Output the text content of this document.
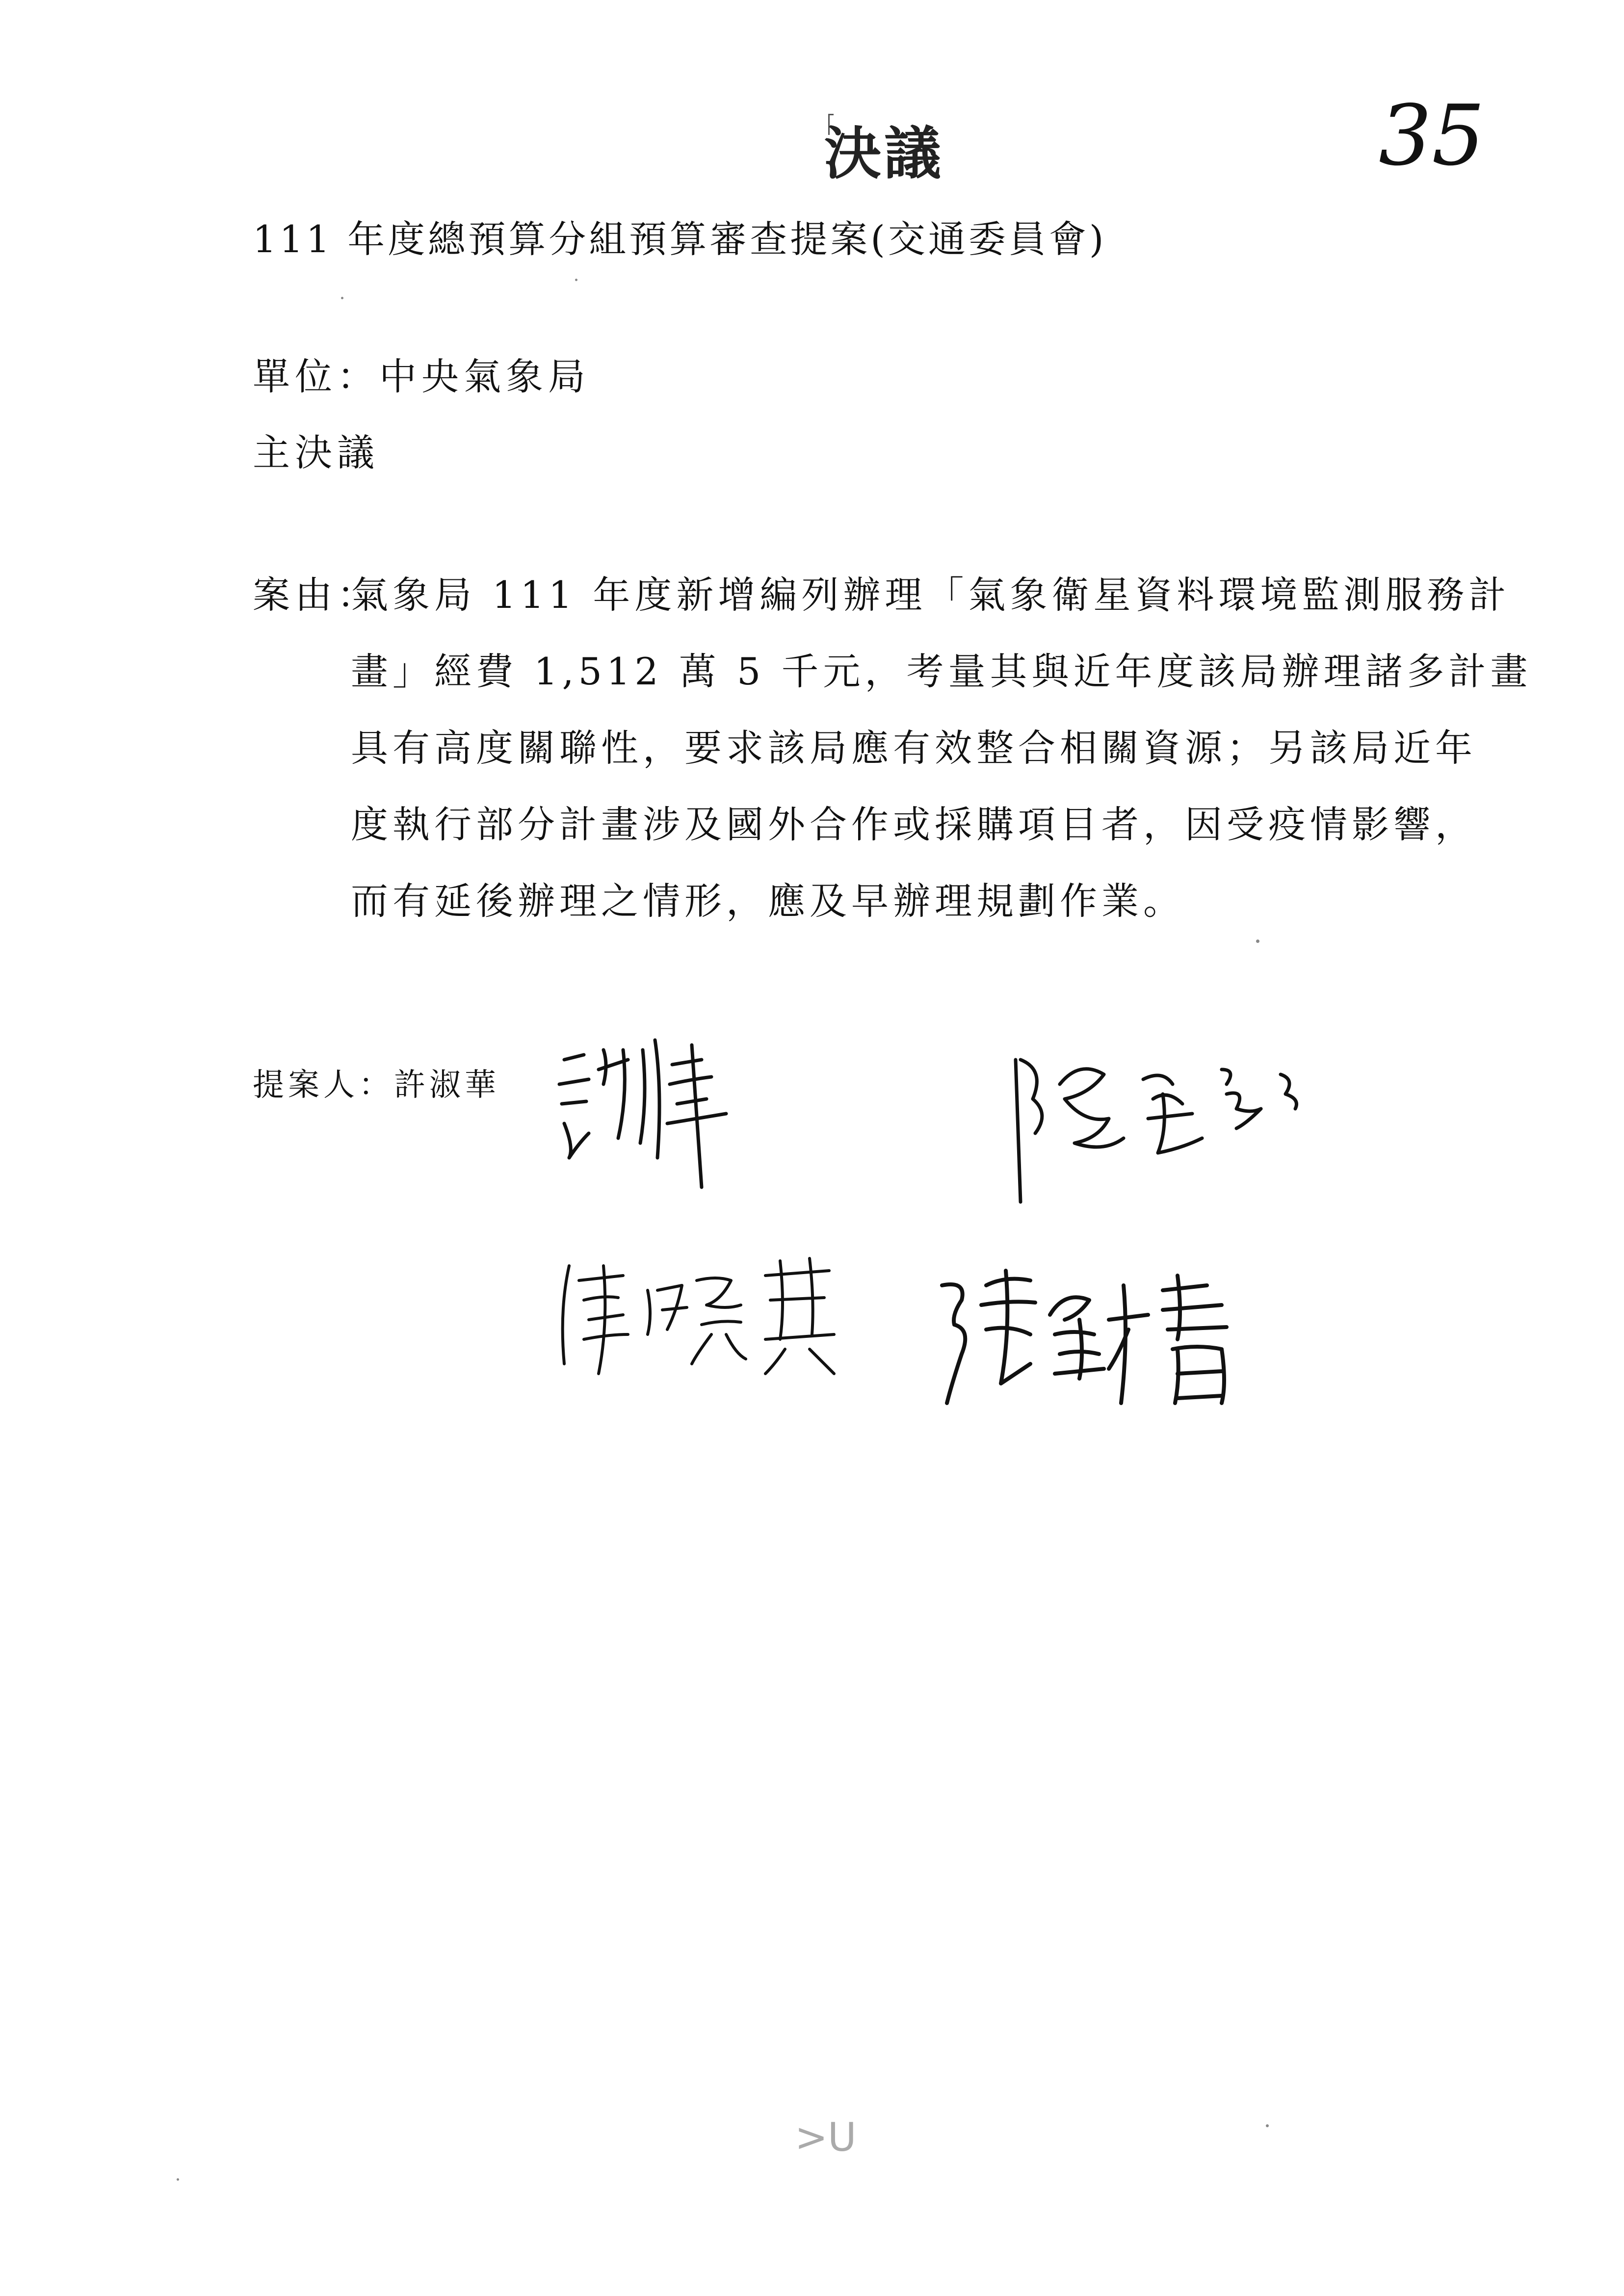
決議	35
111 年度總預算分組預算審查提案(交通委員會)
單位：中央氣象局
主決議
案由：
氣象局 111 年度新增編列辦理「氣象衛星資料環境監測服務計
畫」經費 1,512 萬 5 千元，考量其與近年度該局辦理諸多計畫
具有高度關聯性，要求該局應有效整合相關資源；另該局近年
度執行部分計畫涉及國外合作或採購項目者，因受疫情影響，
而有延後辦理之情形，應及早辦理規劃作業。
提案人：許淑華
>U
